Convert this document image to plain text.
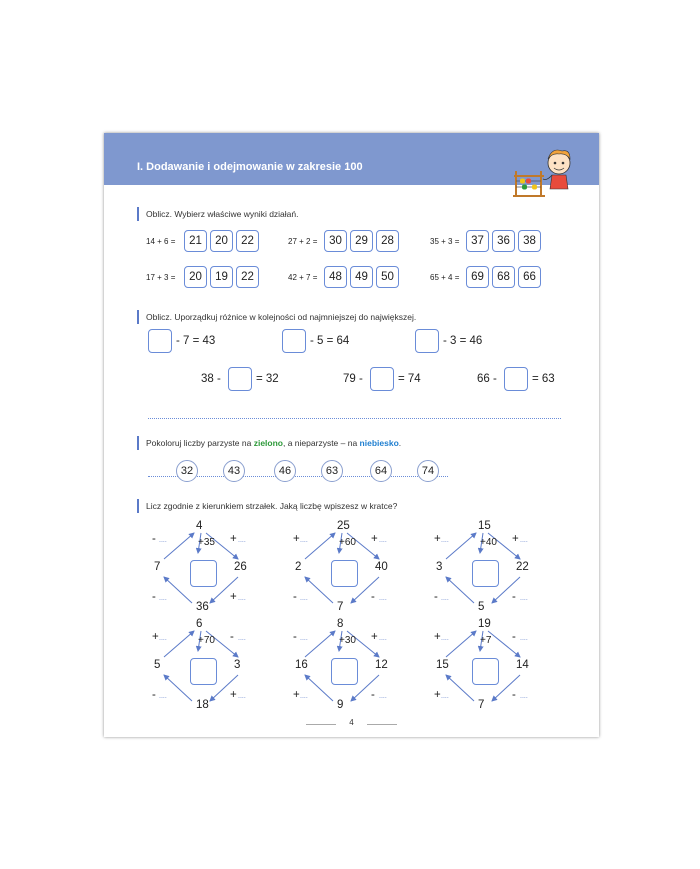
I. Dodawanie i odejmowanie w zakresie 100
Oblicz. Wybierz właściwe wyniki działań.
14 + 6 =	21	20	22	27 + 2 =	30	29	28	35 + 3 =	37	36	38
17 + 3 =	20	19	22	42 + 7 =	48	49	50	65 + 4 =	69	68	66
Oblicz. Uporządkuj różnice w kolejności od najmniejszej do największej.
- 7 = 43	- 5 = 64	- 3 = 46
38 -	= 32	79 -	= 74	66 -	= 63
Pokoloruj liczby parzyste na zielono, a nieparzyste – na niebiesko.
32	43	46	63	64	74
Licz zgodnie z kierunkiem strzałek. Jaką liczbę wpiszesz w kratce?
4
7	26
36
+35
- ....	+ ....
- ....	+ ....
25
2	40
7
+60
+ ....	+ ....
- ....	- ....
15
3	22
5
+40
+ ....	+ ....
- ....	- ....
6
5	3
18
+70
+ ....	- ....
- ....	+ ....
8
16	12
9
+30
- ....	+ ....
+ ....	- ....
19
15	14
7
+7
+ ....	- ....
+ ....	- ....
4
